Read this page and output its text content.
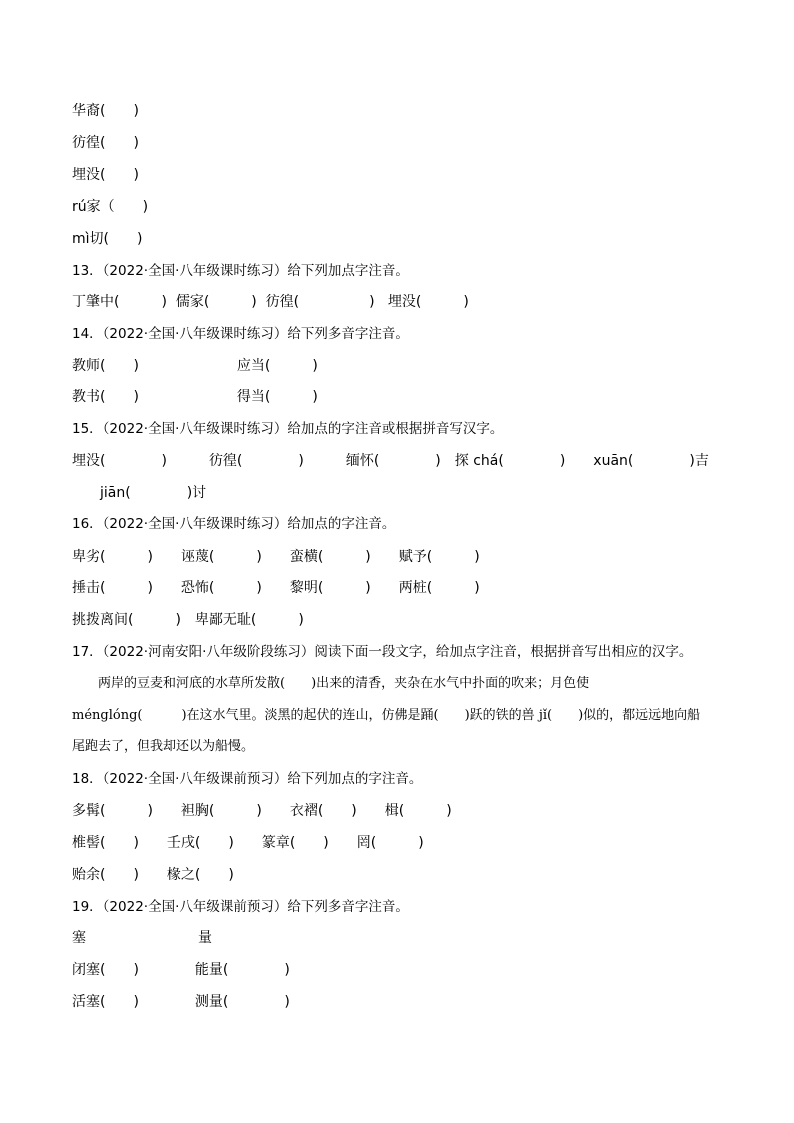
华裔(　　)
彷徨(　　)
埋没(　　)
rú家（　　)
mì切(　　)
13．（2022·全国·八年级课时练习）给下列加点字注音。
丁肇中(　　　)  儒家(　　　)  彷徨(　　　　　)   埋没(　　　)
14．（2022·全国·八年级课时练习）给下列多音字注音。
教师(　　)　　　　　　　应当(　　　)
教书(　　)　　　　　　　得当(　　　)
15．（2022·全国·八年级课时练习）给加点的字注音或根据拼音写汉字。
埋没(　　　　)　　　彷徨(　　　　)　　　缅怀(　　　　)　探 chá(　　　　)　　xuān(　　　　)吉
　　jiān(　　　　)讨
16．（2022·全国·八年级课时练习）给加点的字注音。
卑劣(　　　)　　诬蔑(　　　)　　蛮横(　　　)　　赋予(　　　)
捶击(　　　)　　恐怖(　　　)　　黎明(　　　)　　两桩(　　　)
挑拨离间(　　　)　卑鄙无耻(　　　)
17．（2022·河南安阳·八年级阶段练习）阅读下面一段文字，给加点字注音，根据拼音写出相应的汉字。
　　两岸的豆麦和河底的水草所发散(　　)出来的清香，夹杂在水气中扑面的吹来；月色使
ménglóng(　　　)在这水气里。淡黑的起伏的连山，仿佛是踊(　　)跃的铁的兽 jǐ(　　)似的，都远远地向船
尾跑去了，但我却还以为船慢。
18．（2022·全国·八年级课前预习）给下列加点的字注音。
多髯(　　　)　　袒胸(　　　)　　衣褶(　　)　　楫(　　　)
椎髻(　　)　　壬戌(　　)　　篆章(　　)　　罔(　　　)
贻余(　　)　　椽之(　　)
19．（2022·全国·八年级课前预习）给下列多音字注音。
塞　　　　　　　　量
闭塞(　　)　　　　能量(　　　　)
活塞(　　)　　　　测量(　　　　)
